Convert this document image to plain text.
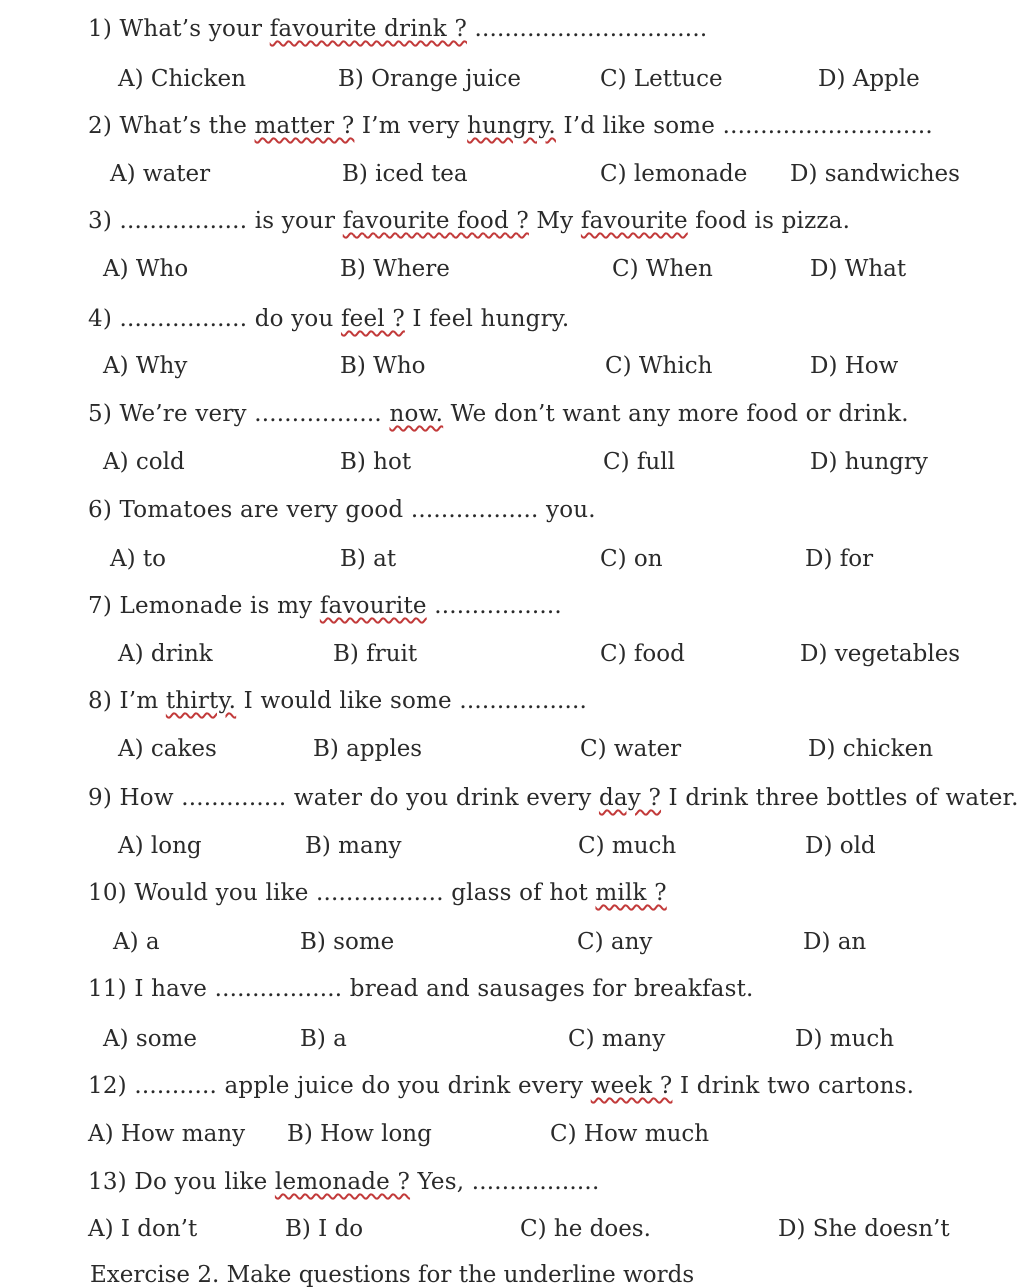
1) What’s your favourite drink ? ...............................
A) Chicken	B) Orange juice	C) Lettuce	D) Apple
2) What’s the matter ? I’m very hungry. I’d like some ............................
A) water	B) iced tea	C) lemonade D) sandwiches
3) ................. is your favourite food ? My favourite food is pizza.
A) Who	B) Where	C) When	D) What
4) ................. do you feel ? I feel hungry.
A) Why	B) Who	C) Which	D) How
5) We’re very ................. now. We don’t want any more food or drink.
A) cold	B) hot	C) full	D) hungry
6) Tomatoes are very good ................. you.
A) to	B) at	C) on	D) for
7) Lemonade is my favourite .................
A) drink	B) fruit	C) food	D) vegetables
8) I’m thirty. I would like some .................
A) cakes	B) apples	C) water	D) chicken
9) How .............. water do you drink every day ? I drink three bottles of water.
A) long	B) many	C) much	D) old
10) Would you like ................. glass of hot milk ?
A) a	B) some	C) any	D) an
11) I have ................. bread and sausages for breakfast.
A) some	B) a	C) many	D) much
12) ........... apple juice do you drink every week ? I drink two cartons.
A) How many B) How long	C) How much
13) Do you like lemonade ? Yes, .................
A) I don’t	B) I do	C) he does.	D) She doesn’t
Exercise 2. Make questions for the underline words
